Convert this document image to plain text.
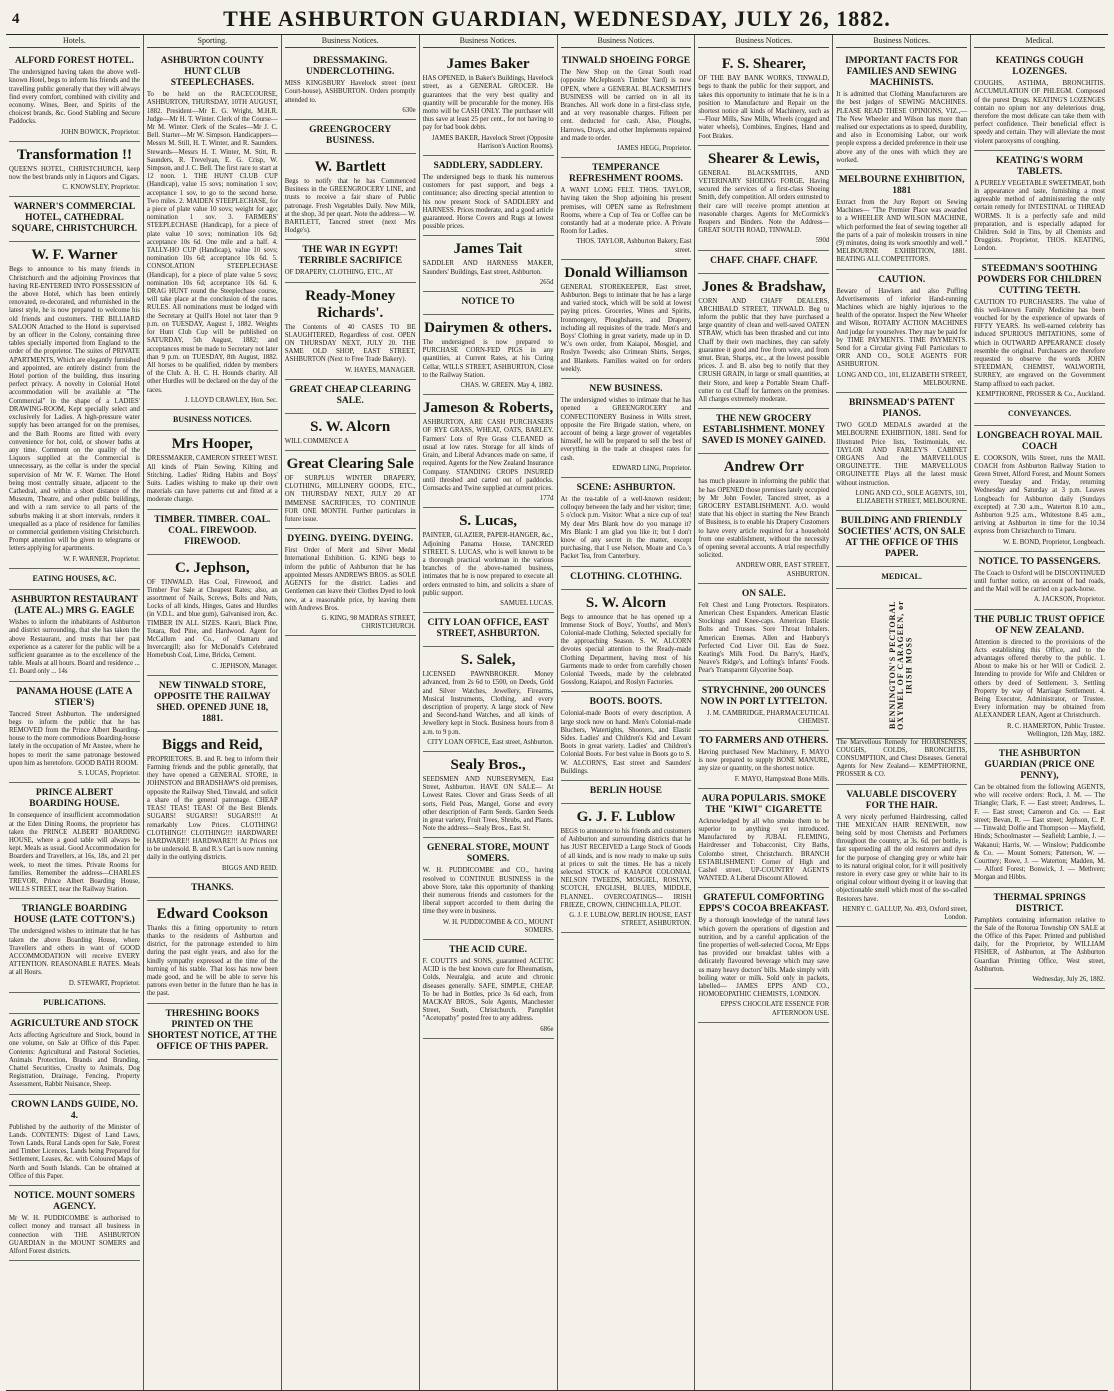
4	THE ASHBURTON GUARDIAN, WEDNESDAY, JULY 26, 1882.
Hotels.
ALFORD FOREST HOTEL.
The undersigned having taken the above well-known Hotel, begs to inform his friends and the travelling public generally that they will always find every comfort, combined with civility and economy. Wines, Beer, and Spirits of the choicest brands, &c. Good Stabling and Secure Paddocks.
JOHN BOWICK, Proprietor.
Transformation !!
QUEEN'S HOTEL, CHRISTCHURCH, keep now the best brands only in Liquors and Cigars.
C. KNOWSLEY, Proprietor.
WARNER'S COMMERCIAL HOTEL, CATHEDRAL SQUARE, CHRISTCHURCH.
W. F. Warner
Begs to announce to his many friends in Christchurch and the adjoining Provinces that having RE-ENTERED INTO POSSESSION of the above Hotel, which has been entirely renovated, re-decorated, and refurnished in the latest style, he is now prepared to welcome his old friends and customers. THE BILLIARD SALOON Attached to the Hotel is supervised by an officer in the Colony, containing three tables specially imported from England to the order of the proprietor. The suites of PRIVATE APARTMENTS, Which are elegantly furnished and appointed, are entirely distinct from the Hotel portion of the building, thus insuring perfect privacy. A novelty in Colonial Hotel accommodation will be available at "The Commercial" in the shape of a LADIES' DRAWING-ROOM, Kept specially select and exclusively for Ladies. A high-pressure water supply has been arranged for on the premises, and the Bath Rooms are fitted with every convenience for hot, cold, or shower baths at any time. Comment on the quality of the Liquors supplied at the Commercial is unnecessary, as the cellar is under the special supervision of Mr W. F. Warner. The Hotel being most centrally situate, adjacent to the Cathedral, and within a short distance of the Museum, Theatre, and other public buildings, and with a ram service to all parts of the suburbs making it at short intervals, renders it unequalled as a place of residence for families or commercial gentlemen visiting Christchurch. Prompt attention will be given to telegrams or letters applying for apartments.
W. F. WARNER, Proprietor.
EATING HOUSES, &C.
ASHBURTON RESTAURANT (LATE AL.) MRS G. EAGLE
Wishes to inform the inhabitants of Ashburton and district surrounding, that she has taken the above Restaurant, and trusts that her past experience as a caterer for the public will be a sufficient guarantee as to the excellence of the table. Meals at all hours. Board and residence ... £1. Board only ... 14s
PANAMA HOUSE (LATE A STIER'S)
Tancred Street Ashburton. The undersigned begs to inform the public that he has REMOVED from the Prince Albert Boarding-house to the more commodious Boarding-house lately in the occupation of Mr Anstee, where he hopes to merit the same patronage bestowed upon him as heretofore. GOOD BATH ROOM.
S. LUCAS, Proprietor.
PRINCE ALBERT BOARDING HOUSE.
In consequence of insufficient accommodation at the Eden Dining Rooms, the proprietor has taken the PRINCE ALBERT BOARDING HOUSE, where a good table will always be kept. Meals as usual. Good Accommodation for Boarders and Travellers, at 16s, 18s, and 21 per week, to meet the times. Private Rooms for families. Remember the address—CHARLES TREVOR, Prince Albert Boarding House, WILLS STREET, near the Railway Station.
TRIANGLE BOARDING HOUSE (LATE COTTON'S.)
The undersigned wishes to intimate that he has taken the above Boarding House, where Travellers and others in want of GOOD ACCOMMODATION will receive EVERY ATTENTION. REASONABLE RATES. Meals at all Hours.
D. STEWART, Proprietor.
PUBLICATIONS.
AGRICULTURE AND STOCK
Acts affecting Agriculture and Stock, bound in one volume, on Sale at Office of this Paper. Contents: Agricultural and Pastoral Societies, Animals Protection, Brands and Branding, Chattel Securities, Cruelty to Animals, Dog Registration, Drainage, Fencing, Property Assessment, Rabbit Nuisance, Sheep.
CROWN LANDS GUIDE, NO. 4.
Published by the authority of the Minister of Lands. CONTENTS: Digest of Land Laws, Town Lands, Rural Lands open for Sale, Forest and Timber Licences, Lands being Prepared for Settlement, Leases, &c. with Coloured Maps of North and South Islands. Can be obtained at Office of this Paper.
NOTICE. MOUNT SOMERS AGENCY.
Mr W. H. PUDDICOMBE is authorised to collect money and transact all business in connection with THE ASHBURTON GUARDIAN in the MOUNT SOMERS and Alford Forest districts.
Sporting.
ASHBURTON COUNTY HUNT CLUB STEEPLECHASES.
To be held on the RACECOURSE, ASHBURTON, THURSDAY, 10TH AUGUST, 1882. President—Mr E. G. Wright, M.H.R. Judge—Mr H. T. Winter. Clerk of the Course—Mr M. Winter. Clerk of the Scales—Mr J. C. Bell. Starter—Mr W. Simpson. Handicappers—Messrs M. Still, H. T. Winter, and R. Saunders. Stewards—Messrs H. T. Winter, M. Stitt, R. Saunders, R. Trevelyan, E. G. Crisp, W. Simpson, and J. C. Bell. The first race to start at 12 noon. 1. THE HUNT CLUB CUP (Handicap), value 15 sovs; nomination 1 sov; acceptance 1 sov, to go to the second horse. Two miles. 2. MAIDEN STEEPLECHASE, for a piece of plate value 10 sovs; weight for age; nomination 1 sov. 3. FARMERS' STEEPLECHASE (Handicap), for a piece of plate value 10 sovs; nomination 10s 6d; acceptance 10s 6d. One mile and a half. 4. TALLY-HO CUP (Handicap), value 10 sovs; nomination 10s 6d; acceptance 10s 6d. 5. CONSOLATION STEEPLECHASE (Handicap), for a piece of plate value 5 sovs; nomination 10s 6d; acceptance 10s 6d. 6. DRAG HUNT round the Steeplechase course, will take place at the conclusion of the races. RULES. All nominations must be lodged with the Secretary at Quill's Hotel not later than 9 p.m. on TUESDAY, August 1, 1882. Weights for Hunt Club Cup will be published on SATURDAY, 5th August, 1882; and acceptances must be made to Secretary not later than 9 p.m. on TUESDAY, 8th August, 1882. All horses to be qualified, ridden by members of the Club. A. H. C. H. Hounds charity. All other Hurdles will be declared on the day of the races.
J. LLOYD CRAWLEY, Hon. Sec.
BUSINESS NOTICES.
Mrs Hooper,
DRESSMAKER, CAMERON STREET WEST. All kinds of Plain Sewing. Kilting and Stitching. Ladies' Riding Habits and Boys' Suits. Ladies wishing to make up their own materials can have patterns cut and fitted at a moderate charge.
TIMBER. TIMBER. COAL. COAL. FIREWOOD. FIREWOOD.
C. Jephson,
OF TINWALD. Has Coal, Firewood, and Timber For Sale at Cheapest Rates; also, an assortment of Nails, Screws, Bolts and Nuts, Locks of all kinds, Hinges, Gates and Hurdles (in V.D.L. and blue gum), Galvanised iron, &c. TIMBER IN ALL SIZES. Kauri, Black Pine, Totara, Red Pine, and Hardwood. Agent for McCallum and Co., of Oamaru and Invercargill; also for McDonald's Celebrated Homebush Coal, Lime, Bricks, Cement.
C. JEPHSON, Manager.
NEW TINWALD STORE, OPPOSITE THE RAILWAY SHED. OPENED JUNE 18, 1881.
Biggs and Reid,
PROPRIETORS. B. and R. beg to inform their Farming friends and the public generally, that they have opened a GENERAL STORE, in JOHNSTON and BRADSHAW'S old premises, opposite the Railway Shed, Tinwald, and solicit a share of the general patronage. CHEAP TEAS! TEAS! TEAS! Of the Best Blends. SUGARS! SUGARS!! SUGARS!!! At remarkably Low Prices. CLOTHING! CLOTHING!! CLOTHING!!! HARDWARE! HARDWARE!! HARDWARE!!! At Prices not to be undersold. B. and R.'s Cart is now running daily in the outlying districts.
BIGGS AND REID.
THANKS.
Edward Cookson
Thanks this a fitting opportunity to return thanks to the residents of Ashburton and district, for the patronage extended to him during the past eight years, and also for the kindly sympathy expressed at the time of the burning of his stable. That loss has now been made good, and he will be able to serve his patrons even better in the future than he has in the past.
THRESHING BOOKS PRINTED ON THE SHORTEST NOTICE, AT THE OFFICE OF THIS PAPER.
Business Notices.
DRESSMAKING. UNDERCLOTHING.
MISS KINGSBURY Havelock street (next Court-house), ASHBURTON. Orders promptly attended to.
630e
GREENGROCERY BUSINESS.
W. Bartlett
Begs to notify that he has Commenced Business in the GREENGROCERY LINE, and trusts to receive a fair share of Public patronage. Fresh Vegetables Daily. New Milk, at the shop, 3d per quart. Note the address— W. BARTLETT, Tancred street (next Mrs Hodge's).
THE WAR IN EGYPT! TERRIBLE SACRIFICE
OF DRAPERY, CLOTHING, ETC., AT
Ready-Money Richards'.
The Contents of 40 CASES TO BE SLAUGHTERED, Regardless of cost. OPEN ON THURSDAY NEXT, JULY 20. THE SAME OLD SHOP, EAST STREET, ASHBURTON (Next to Free Trade Bakery).
W. HAYES, MANAGER.
GREAT CHEAP CLEARING SALE.
S. W. Alcorn
WILL COMMENCE A
Great Clearing Sale
OF SURPLUS WINTER DRAPERY, CLOTHING, MILLINERY GOODS, ETC., ON THURSDAY NEXT, JULY 20 AT IMMENSE SACRIFICES, TO CONTINUE FOR ONE MONTH. Further particulars in future issue.
DYEING. DYEING. DYEING.
First Order of Merit and Silver Medal International Exhibition. G. KING begs to inform the public of Ashburton that he has appointed Messrs ANDREWS BROS. as SOLE AGENTS for the district. Ladies and Gentlemen can leave their Clothes Dyed to look new, at a reasonable price, by leaving them with Andrews Bros.
G. KING, 98 MADRAS STREET, CHRISTCHURCH.
Business Notices.
James Baker
HAS OPENED, in Baker's Buildings, Havelock street, as a GENERAL GROCER. He guarantees that the very best quality and quantity will be procurable for the money. His motto will be CASH ONLY. The purchaser will thus save at least 25 per cent., for not having to pay for bad book debts.
JAMES BAKER, Havelock Street (Opposite Harrison's Auction Rooms).
SADDLERY, SADDLERY.
The undersigned begs to thank his numerous customers for past support, and begs a continuance; also directing special attention to his now present Stock of SADDLERY and HARNESS. Prices moderate, and a good article guaranteed. Horse Covers and Rugs at lowest possible prices.
James Tait
SADDLER AND HARNESS MAKER, Saunders' Buildings, East street, Ashburton.
265d
NOTICE TO
Dairymen & others.
The undersigned is now prepared to PURCHASE CORN-FED PIGS in any quantities, at Current Rates, at his Curing Cellar, WILLS STREET, ASHBURTON, Close to the Railway Station.
CHAS. W. GREEN. May 4, 1882.
Jameson & Roberts,
ASHBURTON, ARE CASH PURCHASERS OF RYE GRASS, WHEAT, OATS, BARLEY. Farmers' Lots of Rye Grass CLEANED as usual at low rates. Storage for all kinds of Grain, and Liberal Advances made on same, if required. Agents for the New Zealand Insurance Company. STANDING CROPS INSURED until threshed and carted out of paddocks. Cornsacks and Twine supplied at current prices.
177d
S. Lucas,
PAINTER, GLAZIER, PAPER-HANGER, &c., Adjoining Panama House, TANCRED STREET. S. LUCAS, who is well known to be a thorough practical workman in the various branches of the above-named business, intimates that he is now prepared to execute all orders entrusted to him, and solicits a share of public support.
SAMUEL LUCAS.
CITY LOAN OFFICE, EAST STREET, ASHBURTON.
S. Salek,
LICENSED PAWNBROKER. Money advanced, from 2s 6d to £500, on Deeds, Gold and Silver Watches, Jewellery, Firearms, Musical Instruments, Clothing, and every description of property. A large stock of New and Second-hand Watches, and all kinds of Jewellery kept in Stock. Business hours from 8 a.m. to 9 p.m.
CITY LOAN OFFICE, East street, Ashburton.
Sealy Bros.,
SEEDSMEN AND NURSERYMEN, East Street, Ashburton. HAVE ON SALE— At Lowest Rates. Clover and Grass Seeds of all sorts, Field Peas, Mangel, Gorse and every other description of Farm Seeds. Garden Seeds in great variety, Fruit Trees, Shrubs, and Plants. Note the address—Sealy Bros., East St.
GENERAL STORE, MOUNT SOMERS.
W. H. PUDDICOMBE and CO., having resolved to CONTINUE BUSINESS in the above Store, take this opportunity of thanking their numerous friends and customers for the liberal support accorded to them during the time they were in business.
W. H. PUDDICOMBE & CO., MOUNT SOMERS.
THE ACID CURE.
F. COUTTS and SONS, guaranteed ACETIC ACID is the best known cure for Rheumatism, Colds, Neuralgia, and acute and chronic diseases generally. SAFE, SIMPLE, CHEAP. To be had in Bottles, price 3s 6d each, from MACKAY BROS., Sole Agents, Manchester Street, South, Christchurch. Pamphlet "Acetopathy" posted free to any address.
686e
Business Notices.
TINWALD SHOEING FORGE
The New Shop on the Great South road (opposite McJephson's Timber Yard) is now OPEN, where a GENERAL BLACKSMITH'S BUSINESS will be carried on in all its Branches. All work done in a first-class style, and at very reasonable charges. Fifteen per cent. deducted for cash. Also, Ploughs, Harrows, Drays, and other Implements repaired and made to order.
JAMES HEGG, Proprietor.
TEMPERANCE REFRESHMENT ROOMS.
A WANT LONG FELT. THOS. TAYLOR, having taken the Shop adjoining his present premises, will OPEN same as Refreshment Rooms, where a Cup of Tea or Coffee can be constantly had at a moderate price. A Private Room for Ladies.
THOS. TAYLOR, Ashburton Bakery, East street.
Donald Williamson
GENERAL STOREKEEPER, East street, Ashburton. Begs to intimate that he has a large and varied stock, which will be sold at lowest paying prices. Groceries, Wines and Spirits, Ironmongery, Ploughshares, and Drapery, including all requisites of the trade. Men's and Boys' Clothing in great variety, made up in D. W.'s own order, from Kaiapoi, Mosgiel, and Roslyn Tweeds; also Crimean Shirts, Serges, and Blankets. Families waited on for orders weekly.
NEW BUSINESS.
The undersigned wishes to intimate that he has opened a GREENGROCERY and CONFECTIONERY Business in Wills street, opposite the Fire Brigade station, where, on account of being a large grower of vegetables himself, he will be prepared to sell the best of everything in the trade at cheapest rates for cash.
EDWARD LING, Proprietor.
SCENE: ASHBURTON.
At the tea-table of a well-known resident; colloquy between the lady and her visitor; time; 5 o'clock p.m. Visitor: What a nice cup of tea! My dear Mrs Blank how do you manage it? Mrs Blank: I am glad you like it; but I don't know of any secret in the matter, except purchasing, that I use Nelson, Moate and Co.'s Packet Tea, from Canterbury.
CLOTHING. CLOTHING.
S. W. Alcorn
Begs to announce that he has opened up a Immense Stock of Boys', Youths', and Men's Colonial-made Clothing, Selected specially for the approaching Season. S. W. ALCORN devotes special attention to the Ready-made Clothing Department, having most of his Garments made to order from carefully chosen Colonial Tweeds, made by the celebrated Gosslong, Kaiapoi, and Roslyn Factories.
BOOTS. BOOTS.
Colonial-made Boots of every description. A large stock now on hand. Men's Colonial-made Bluchers, Watertights, Shooters, and Elastic Sides. Ladies' and Children's Kid and Levant Boots in great variety. Ladies' and Children's Colonial Boots. For best value in Boots go to S. W. ALCORN'S, East street and Saunders' Buildings.
BERLIN HOUSE
G. J. F. Lublow
BEGS to announce to his friends and customers of Ashburton and surrounding districts that he has JUST RECEIVED a Large Stock of Goods of all kinds, and is now ready to make up suits at prices to suit the times. He has a nicely selected STOCK of KAIAPOI COLONIAL NELSON TWEEDS, MOSGIEL, ROSLYN, SCOTCH, ENGLISH, BLUES, MIDDLE, FLANNEL. OVERCOATINGS— IRISH FRIEZE, CROWN, CHINCHILLA, PILOT.
G. J. F. LUBLOW, BERLIN HOUSE, EAST STREET, ASHBURTON.
Business Notices.
F. S. Shearer,
OF THE BAY BANK WORKS, TINWALD, begs to thank the public for their support, and takes this opportunity to intimate that he is in a position to Manufacture and Repair on the shortest notice all kinds of Machinery, such as—Flour Mills, Saw Mills, Wheels (cogged and water wheels), Combines, Engines, Hand and Foot Brakes.
Shearer & Lewis,
GENERAL BLACKSMITHS, AND VETERINARY SHOEING FORGE. Having secured the services of a first-class Shoeing Smith, defy competition. All orders entrusted to their care will receive prompt attention at reasonable charges. Agents for McCormick's Reapers and Binders. Note the Address— GREAT SOUTH ROAD, TINWALD.
590d
CHAFF. CHAFF. CHAFF.
Jones & Bradshaw,
CORN AND CHAFF DEALERS, ARCHIBALD STREET, TINWALD. Beg to inform the public that they have purchased a large quantity of clean and well-saved OATEN STRAW, which has been thrashed and cut into Chaff by their own machines, they can safely guarantee it good and free from wire, and from smut. Bran, Sharps, etc., at the lowest possible prices. J. and B. also beg to notify that they CRUSH GRAIN, in large or small quantities, at their Store, and keep a Portable Steam Chaff-cutter to cut Chaff for farmers on the premises. All charges extremely moderate.
THE NEW GROCERY ESTABLISHMENT. MONEY SAVED IS MONEY GAINED.
Andrew Orr
has much pleasure in informing the public that he has OPENED those premises lately occupied by Mr John Fowler, Tancred street, as a GROCERY ESTABLISHMENT. A.O. would state that his object in starting the New Branch of Business, is to enable his Drapery Customers to have every article required for a household from one establishment, without the necessity of opening several accounts. A trial respectfully solicited.
ANDREW ORR, EAST STREET, ASHBURTON.
ON SALE.
Felt Chest and Lung Protectors. Respirators. American Chest Expanders. American Elastic Stockings and Knee-caps. American Elastic Bolts and Trusses. Sore Throat Inhalers. American Enemas. Allen and Hanbury's Perfected Cod Liver Oil. Eau de Suez. Keating's Milk Food. Du Barry's, Hard's, Neave's Ridge's, and Lofting's Infants' Foods. Pear's Transparent Glycerine Soap.
STRYCHNINE, 200 OUNCES NOW IN PORT LYTTELTON.
J. M. CAMBRIDGE, PHARMACEUTICAL CHEMIST.
TO FARMERS AND OTHERS.
Having purchased New Machinery, F. MAYO is now prepared to supply BONE MANURE, any size or quantity, on the shortest notice.
F. MAYO, Hampstead Bone Mills.
AURA POPULARIS. SMOKE THE "KIWI" CIGARETTE
Acknowledged by all who smoke them to be superior to anything yet introduced. Manufactured by JUBAL FLEMING, Hairdresser and Tobacconist, City Baths, Colombo street, Christchurch. BRANCH ESTABLISHMENT: Corner of High and Cashel street. UP-COUNTRY AGENTS WANTED. A Liberal Discount Allowed.
GRATEFUL COMFORTING EPPS'S COCOA BREAKFAST.
By a thorough knowledge of the natural laws which govern the operations of digestion and nutrition, and by a careful application of the fine properties of well-selected Cocoa, Mr Epps has provided our breakfast tables with a delicately flavoured beverage which may save us many heavy doctors' bills. Made simply with boiling water or milk. Sold only in packets, labelled— JAMES EPPS AND CO., HOMOEOPATHIC CHEMISTS, LONDON.
EPPS'S CHOCOLATE ESSENCE FOR AFTERNOON USE.
Business Notices.
IMPORTANT FACTS FOR FAMILIES AND SEWING MACHINISTS.
It is admitted that Clothing Manufacturers are the best judges of SEWING MACHINES. PLEASE READ THESE OPINIONS, VIZ.,— The New Wheeler and Wilson has more than realised our expectations as to speed, durability, and also in Economising Labor, our work people express a decided preference in their use above any of the ones with which they are worked.
MELBOURNE EXHIBITION, 1881
Extract from the Jury Report on Sewing Machines— "The Premier Place was awarded to a WHEELER AND WILSON MACHINE, which performed the feat of sewing together all the parts of a pair of moleskin trousers in nine (9) minutes, doing its work smoothly and well." MELBOURNE EXHIBITION, 1881. BEATING ALL COMPETITORS.
CAUTION.
Beware of Hawkers and also Puffing Advertisements of inferior Hand-running Machines which are highly injurious to the health of the operator. Inspect the New Wheeler and Wilson, ROTARY ACTION MACHINES And judge for yourselves. They may be paid for by TIME PAYMENTS. TIME PAYMENTS. Send for a Circular giving Full Particulars to ORR AND CO., SOLE AGENTS FOR ASHBURTON.
LONG AND CO., 101, ELIZABETH STREET, MELBOURNE.
BRINSMEAD'S PATENT PIANOS.
TWO GOLD MEDALS awarded at the MELBOURNE EXHIBITION, 1881. Send for Illustrated Price lists, Testimonials, etc. TAYLOR AND FARLEY'S CABINET ORGANS And the MARVELLOUS ORGUINETTE. THE MARVELLOUS ORGUINETTE Plays all the latest music without instruction.
LONG AND CO., SOLE AGENTS, 101, ELIZABETH STREET, MELBOURNE.
BUILDING AND FRIENDLY SOCIETIES' ACTS, ON SALE AT THE OFFICE OF THIS PAPER.
MEDICAL.
BENNINGTON'S PECTORAL OXYMEL OF CARAGEEN, or IRISH MOSS
The Marvellous Remedy for HOARSENESS, COUGHS, COLDS, BRONCHITIS, CONSUMPTION, and Chest Diseases. General Agents for New Zealand— KEMPTHORNE, PROSSER & CO.
VALUABLE DISCOVERY FOR THE HAIR.
A very nicely perfumed Hairdressing, called THE MEXICAN HAIR RENEWER, now being sold by most Chemists and Perfumers throughout the country, at 3s. 6d. per bottle, is fast superseding all the old restorers and dyes for the purpose of changing grey or white hair to its natural original color, for it will positively restore in every case grey or white hair to its original colour without dyeing it or leaving that objectionable smell which most of the so-called Restorers have.
HENRY C. GALLUP, No. 493, Oxford street, London.
Medical.
KEATINGS COUGH LOZENGES.
COUGHS, ASTHMA, BRONCHITIS. ACCUMULATION OF PHLEGM. Composed of the purest Drugs. KEATING'S LOZENGES contain no opium nor any deleterious drug, therefore the most delicate can take them with perfect confidence. Their beneficial effect is speedy and certain. They will alleviate the most violent paroxysms of coughing.
KEATING'S WORM TABLETS.
A PURELY VEGETABLE SWEETMEAT, both in appearance and taste, furnishing a most agreeable method of administering the only certain remedy for INTESTINAL or THREAD WORMS. It is a perfectly safe and mild preparation, and is especially adapted for Children. Sold in Tins, by all Chemists and Druggists. Proprietor, THOS. KEATING, London.
STEEDMAN'S SOOTHING POWDERS FOR CHILDREN CUTTING TEETH.
CAUTION TO PURCHASERS. The value of this well-known Family Medicine has been vouched for by the experience of upwards of FIFTY YEARS. Its well-earned celebrity has induced SPURIOUS IMITATIONS, some of which in OUTWARD APPEARANCE closely resemble the original. Purchasers are therefore requested to observe the words JOHN STEEDMAN, CHEMIST, WALWORTH, SURREY, are engraved on the Government Stamp affixed to each packet.
KEMPTHORNE, PROSSER & Co., Auckland.
CONVEYANCES.
LONGBEACH ROYAL MAIL COACH
E. COOKSON, Wills Street, runs the MAIL COACH from Ashburton Railway Station to Green Street, Alford Forest, and Mount Somers every Tuesday and Friday, returning Wednesday and Saturday at 3 p.m. Leaves Longbeach for Ashburton daily (Sundays excepted) at 7.30 a.m., Waterton 8.10 a.m., Ashburton 9.25 a.m., Whitestone 8.45 a.m., arriving at Ashburton in time for the 10.34 express from Christchurch to Timaru.
W. E. BOND, Proprietor, Longbeach.
NOTICE. TO PASSENGERS.
The Coach to Oxford will be DISCONTINUED until further notice, on account of bad roads, and the Mail will be carried on a pack-horse.
A. JACKSON, Proprietor.
THE PUBLIC TRUST OFFICE OF NEW ZEALAND.
Attention is directed to the provisions of the Acts establishing this Office, and to the advantages offered thereby to the public. 1. About to make his or her Will or Codicil. 2. Intending to provide for Wife and Children or others by deed of Settlement. 3. Settling Property by way of Marriage Settlement. 4. Being Executor, Administrator, or Trustee. Every information may be obtained from ALEXANDER LEAN, Agent at Christchurch.
R. C. HAMERTON, Public Trustee. Wellington, 12th May, 1882.
THE ASHBURTON GUARDIAN (PRICE ONE PENNY),
Can be obtained from the following AGENTS, who will receive orders: Rock, J. M. — The Triangle; Clark, F. — East street; Andrews, L. F. — East street; Cameron and Co. — East street; Bevan, R. — East street; Jephson, C. P. — Tinwald; Dolfie and Thompson — Mayfield, Hinds; Schoolmaster — Seafield; Lambie, J. — Wakanui; Harris, W. — Winslow; Puddicombe & Co. — Mount Somers; Patterson, W. — Courtney; Rowe, J. — Waterton; Madden, M. — Alford Forest; Bonwick, J. — Methven; Morgan and Hibbs.
THERMAL SPRINGS DISTRICT.
Pamphlets containing information relative to the Sale of the Rotorua Township ON SALE at the Office of this Paper. Printed and published daily, for the Proprietor, by WILLIAM FISHER, of Ashburton, at The Ashburton Guardian Printing Office, West street, Ashburton.
Wednesday, July 26, 1882.
